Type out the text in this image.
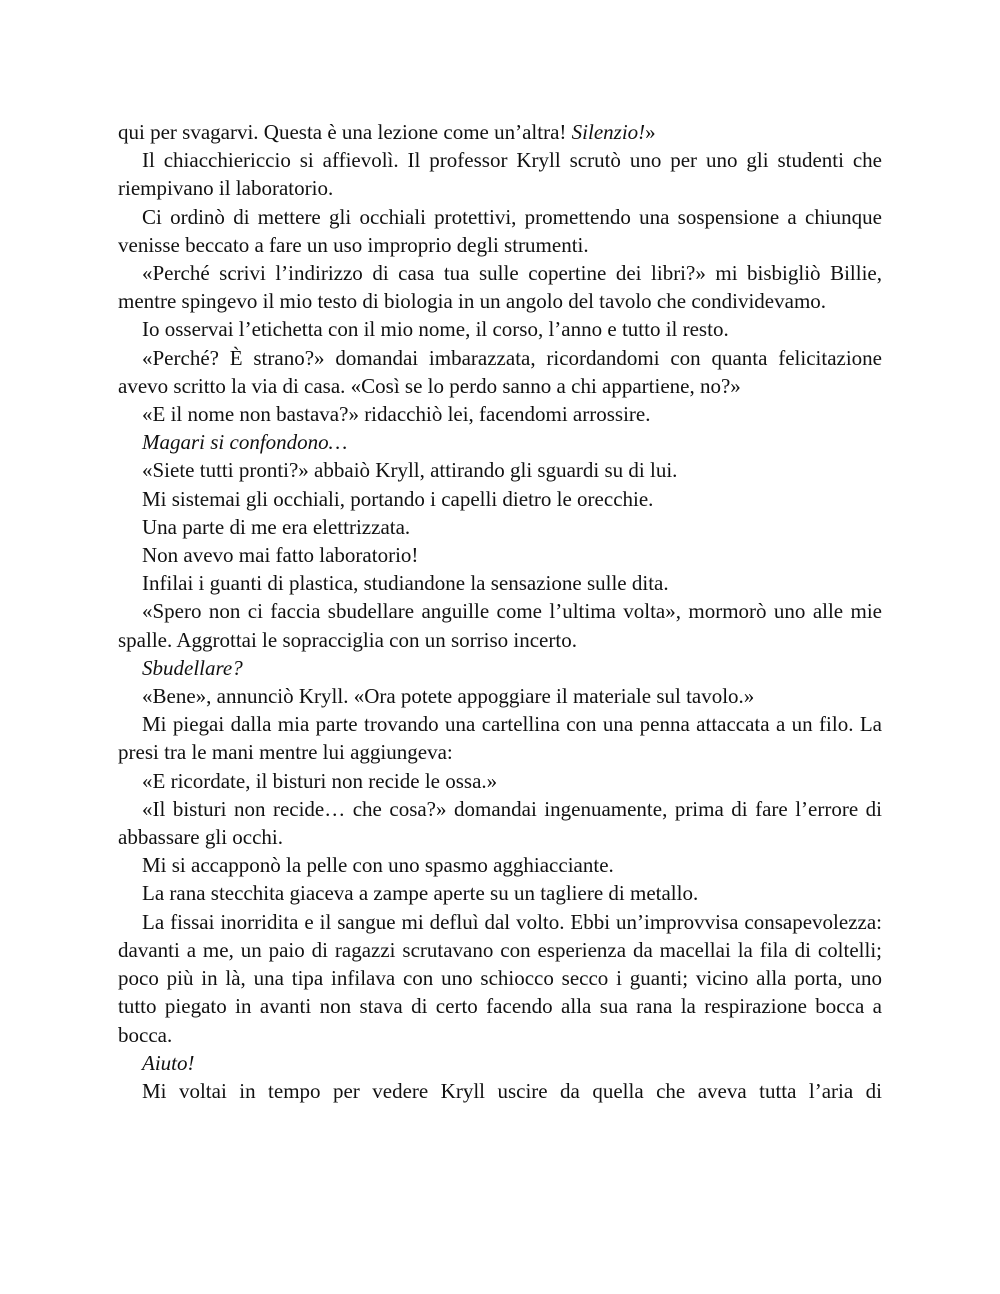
qui per svagarvi. Questa è una lezione come un’altra! Silenzio!»

Il chiacchiericcio si affievolì. Il professor Kryll scrutò uno per uno gli studenti che riempivano il laboratorio.

Ci ordinò di mettere gli occhiali protettivi, promettendo una sospensione a chiunque venisse beccato a fare un uso improprio degli strumenti.

«Perché scrivi l’indirizzo di casa tua sulle copertine dei libri?» mi bisbigliò Billie, mentre spingevo il mio testo di biologia in un angolo del tavolo che condividevamo.

Io osservai l’etichetta con il mio nome, il corso, l’anno e tutto il resto.

«Perché? È strano?» domandai imbarazzata, ricordandomi con quanta felicitazione avevo scritto la via di casa. «Così se lo perdo sanno a chi appartiene, no?»

«E il nome non bastava?» ridacchiò lei, facendomi arrossire.

Magari si confondono…

«Siete tutti pronti?» abbaiò Kryll, attirando gli sguardi su di lui.

Mi sistemai gli occhiali, portando i capelli dietro le orecchie.

Una parte di me era elettrizzata.

Non avevo mai fatto laboratorio!

Infilai i guanti di plastica, studiandone la sensazione sulle dita.

«Spero non ci faccia sbudellare anguille come l’ultima volta», mormorò uno alle mie spalle. Aggrottai le sopracciglia con un sorriso incerto.

Sbudellare?

«Bene», annunciò Kryll. «Ora potete appoggiare il materiale sul tavolo.»

Mi piegai dalla mia parte trovando una cartellina con una penna attaccata a un filo. La presi tra le mani mentre lui aggiungeva:

«E ricordate, il bisturi non recide le ossa.»

«Il bisturi non recide… che cosa?» domandai ingenuamente, prima di fare l’errore di abbassare gli occhi.

Mi si accapponò la pelle con uno spasmo agghiacciante.

La rana stecchita giaceva a zampe aperte su un tagliere di metallo.

La fissai inorridita e il sangue mi defluì dal volto. Ebbi un’improvvisa consapevolezza: davanti a me, un paio di ragazzi scrutavano con esperienza da macellai la fila di coltelli; poco più in là, una tipa infilava con uno schiocco secco i guanti; vicino alla porta, uno tutto piegato in avanti non stava di certo facendo alla sua rana la respirazione bocca a bocca.

Aiuto!

Mi voltai in tempo per vedere Kryll uscire da quella che aveva tutta l’aria di
